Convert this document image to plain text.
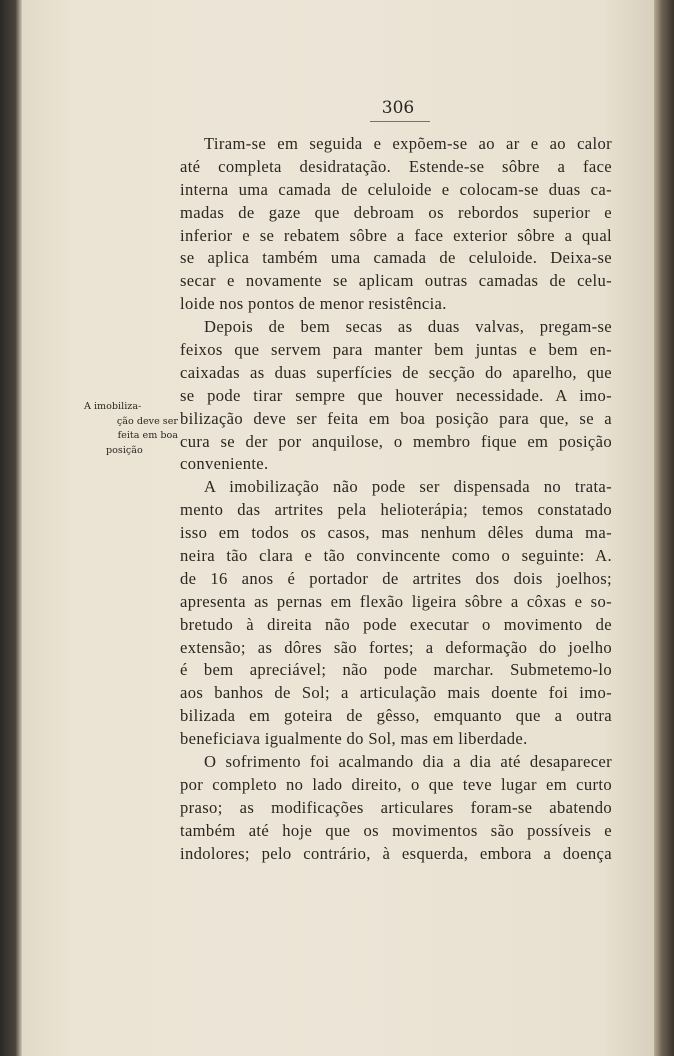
306
A imobiliza-
ção deve ser
feita em boa
posição
Tiram-se em seguida e expõem-se ao ar e ao calor
até completa desidratação. Estende-se sôbre a face
interna uma camada de celuloide e colocam-se duas ca-
madas de gaze que debroam os rebordos superior e
inferior e se rebatem sôbre a face exterior sôbre a qual
se aplica também uma camada de celuloide. Deixa-se
secar e novamente se aplicam outras camadas de celu-
loide nos pontos de menor resistência.
Depois de bem secas as duas valvas, pregam-se
feixos que servem para manter bem juntas e bem en-
caixadas as duas superfícies de secção do aparelho, que
se pode tirar sempre que houver necessidade. A imo-
bilização deve ser feita em boa posição para que, se a
cura se der por anquilose, o membro fique em posição
conveniente.
A imobilização não pode ser dispensada no trata-
mento das artrites pela helioterápia; temos constatado
isso em todos os casos, mas nenhum dêles duma ma-
neira tão clara e tão convincente como o seguinte: A.
de 16 anos é portador de artrites dos dois joelhos;
apresenta as pernas em flexão ligeira sôbre a côxas e so-
bretudo à direita não pode executar o movimento de
extensão; as dôres são fortes; a deformação do joelho
é bem apreciável; não pode marchar. Submetemo-lo
aos banhos de Sol; a articulação mais doente foi imo-
bilizada em goteira de gêsso, emquanto que a outra
beneficiava igualmente do Sol, mas em liberdade.
O sofrimento foi acalmando dia a dia até desaparecer
por completo no lado direito, o que teve lugar em curto
praso; as modificações articulares foram-se abatendo
também até hoje que os movimentos são possíveis e
indolores; pelo contrário, à esquerda, embora a doença
